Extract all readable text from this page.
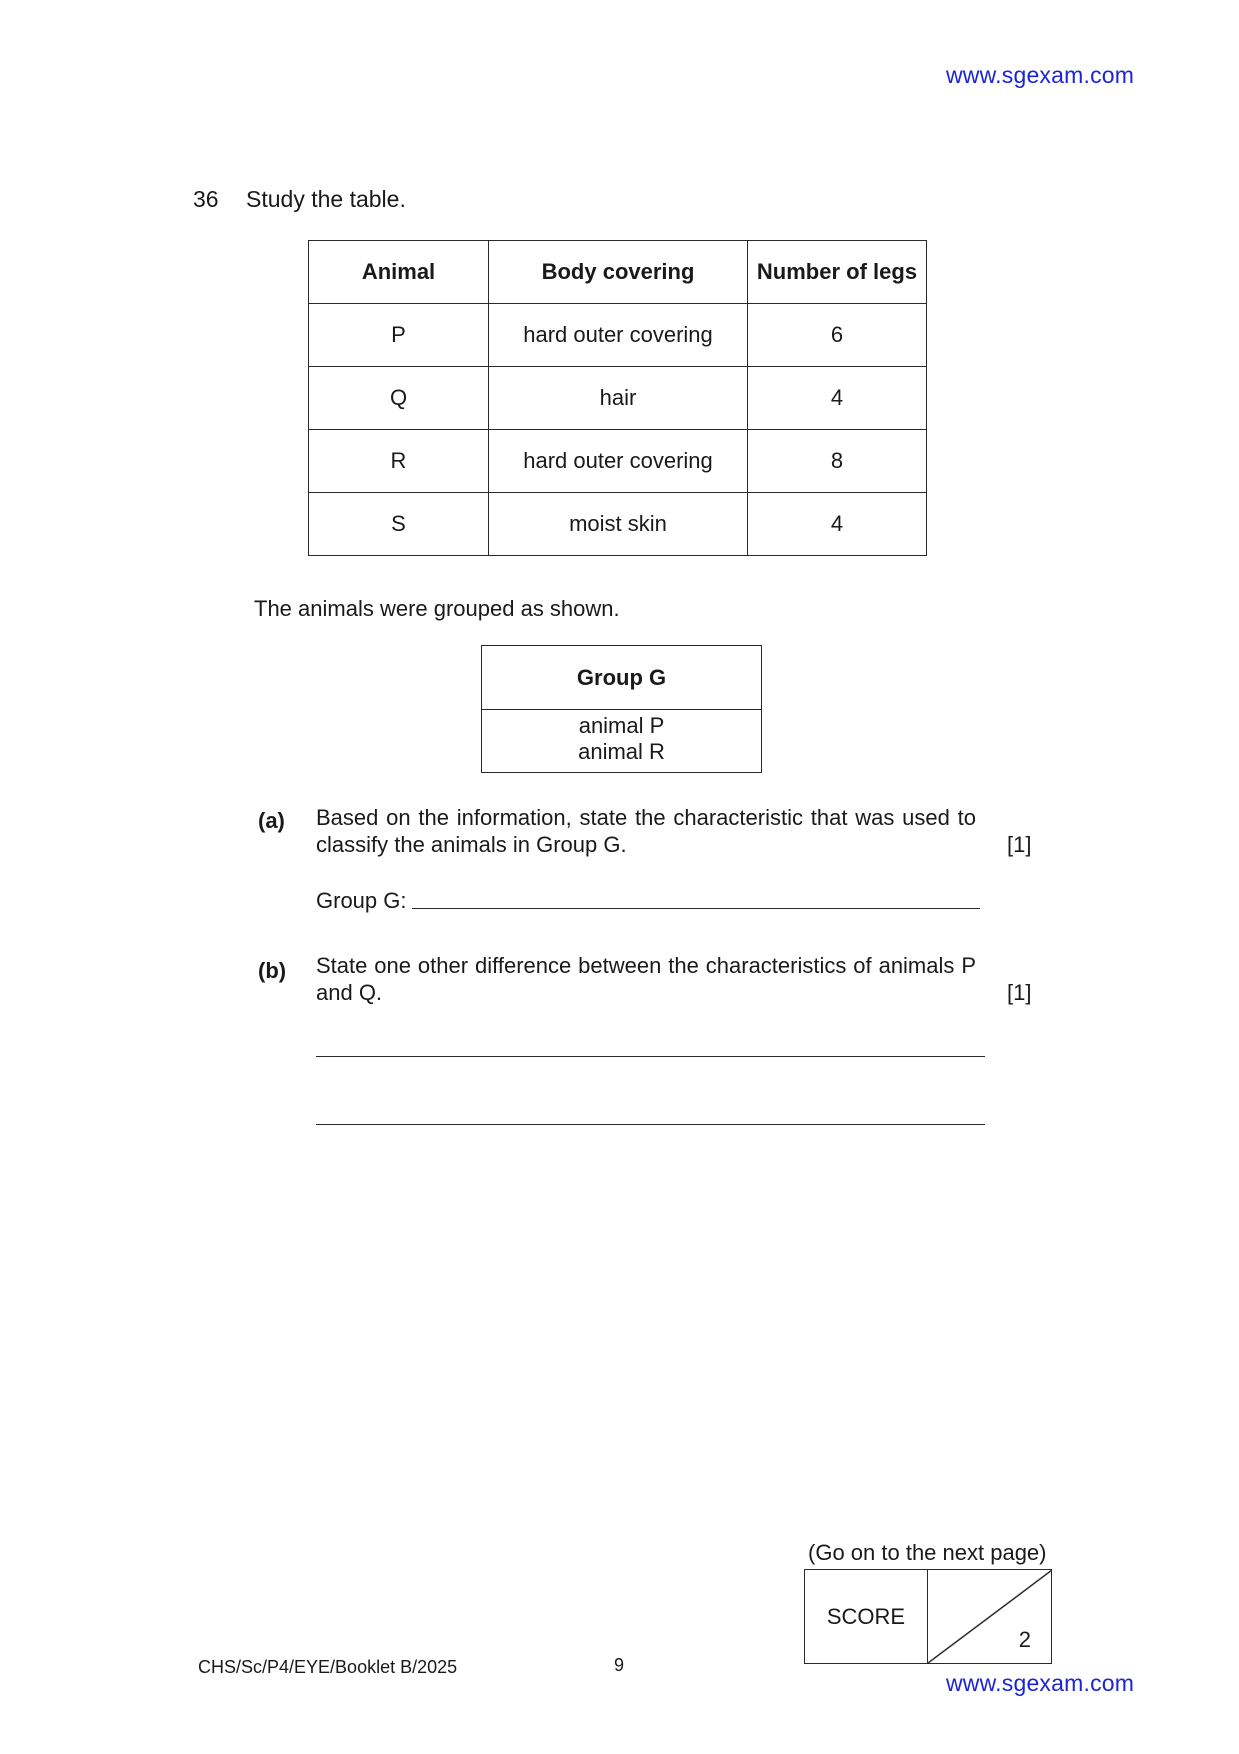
www.sgexam.com
36 Study the table.
Animal	Body covering	Number of legs
P	hard outer covering	6
Q	hair	4
R	hard outer covering	8
S	moist skin	4
The animals were grouped as shown.
Group G
animal P
animal R
(a) Based on the information, state the characteristic that was used to classify the animals in Group G.	[1]
Group G:
(b) State one other difference between the characteristics of animals P and Q.	[1]
(Go on to the next page)
SCORE
2
CHS/Sc/P4/EYE/Booklet B/2025	9
www.sgexam.com
